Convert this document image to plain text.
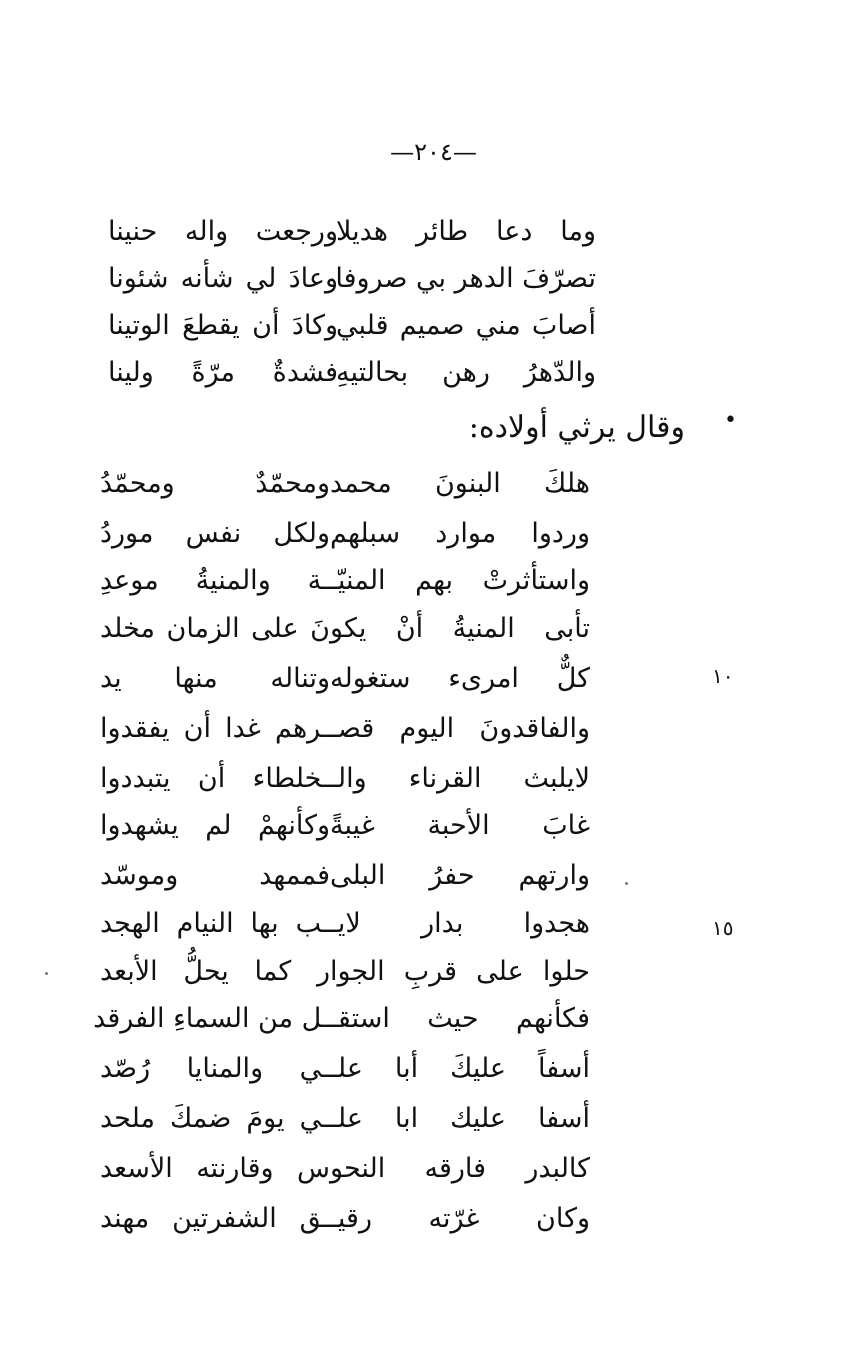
—٢٠٤—
وما دعا طائر هديلا
ورجعت واله حنينا
تصرّفَ الدهر بي صروفا
وعادَ لي شأنه شئونا
أصابَ مني صميم قلبي
وكادَ أن يقطعَ الوتينا
والدّهرُ رهن بحالتيهِ
فشدةٌ مرّةً ولينا
•
وقال يرثي أولاده:
هلكَ البنونَ محمد
ومحمّدٌ ومحمّدُ
وردوا موارد سبلهم
ولكل نفس موردُ
واستأثرتْ بهم المنيّـ
ـة والمنيةُ موعدِ
تأبى المنيةُ أنْ يكو
نَ على الزمان مخلد
كلٌّ امرىء ستغوله
وتناله منها يد
والفاقدونَ اليوم قصـ
ـرهم غدا أن يفقدوا
لايلبث القرناء والـ
ـخلطاء أن يتبددوا
غابَ الأحبة غيبةً
وكأنهمْ لم يشهدوا
وارتهم حفرُ البلى
فممهد وموسّد
هجدوا بدار لايـ
ـب بها النيام الهجد
حلوا على قربِ الجوا
ر كما يحلُّ الأبعد
فكأنهم حيث استقـ
ـل من السماءِ الفرقد
أسفاً عليكَ أبا علـ
ـي والمنايا رُصّد
أسفا عليك ابا علـ
ـي يومَ ضمكَ ملحد
كالبدر فارقه النحو
س وقارنته الأسعد
وكان غرّته رقيـ
ـق الشفرتين مهند
١٠
١٥
